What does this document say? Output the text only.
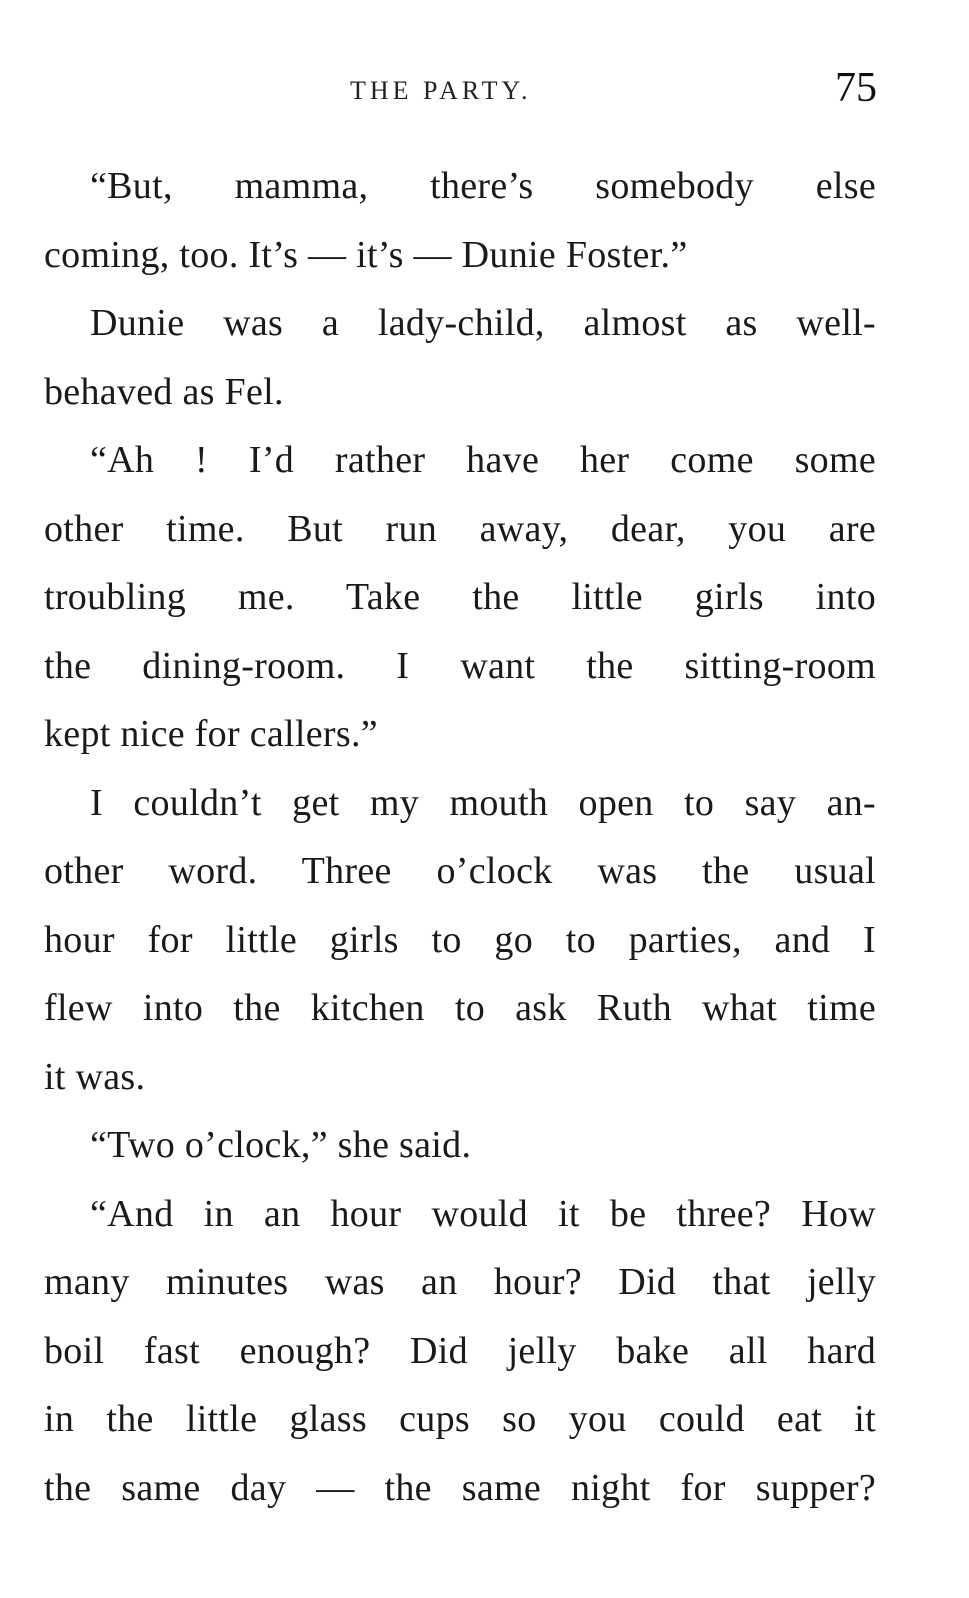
THE PARTY.	75
“But, mamma, there’s somebody else
coming, too. It’s — it’s — Dunie Foster.”
Dunie was a lady-child, almost as well-
behaved as Fel.
“Ah ! I’d rather have her come some
other time. But run away, dear, you are
troubling me. Take the little girls into
the dining-room. I want the sitting-room
kept nice for callers.”
I couldn’t get my mouth open to say an-
other word. Three o’clock was the usual
hour for little girls to go to parties, and I
flew into the kitchen to ask Ruth what time
it was.
“Two o’clock,” she said.
“And in an hour would it be three? How
many minutes was an hour? Did that jelly
boil fast enough? Did jelly bake all hard
in the little glass cups so you could eat it
the same day — the same night for supper?
